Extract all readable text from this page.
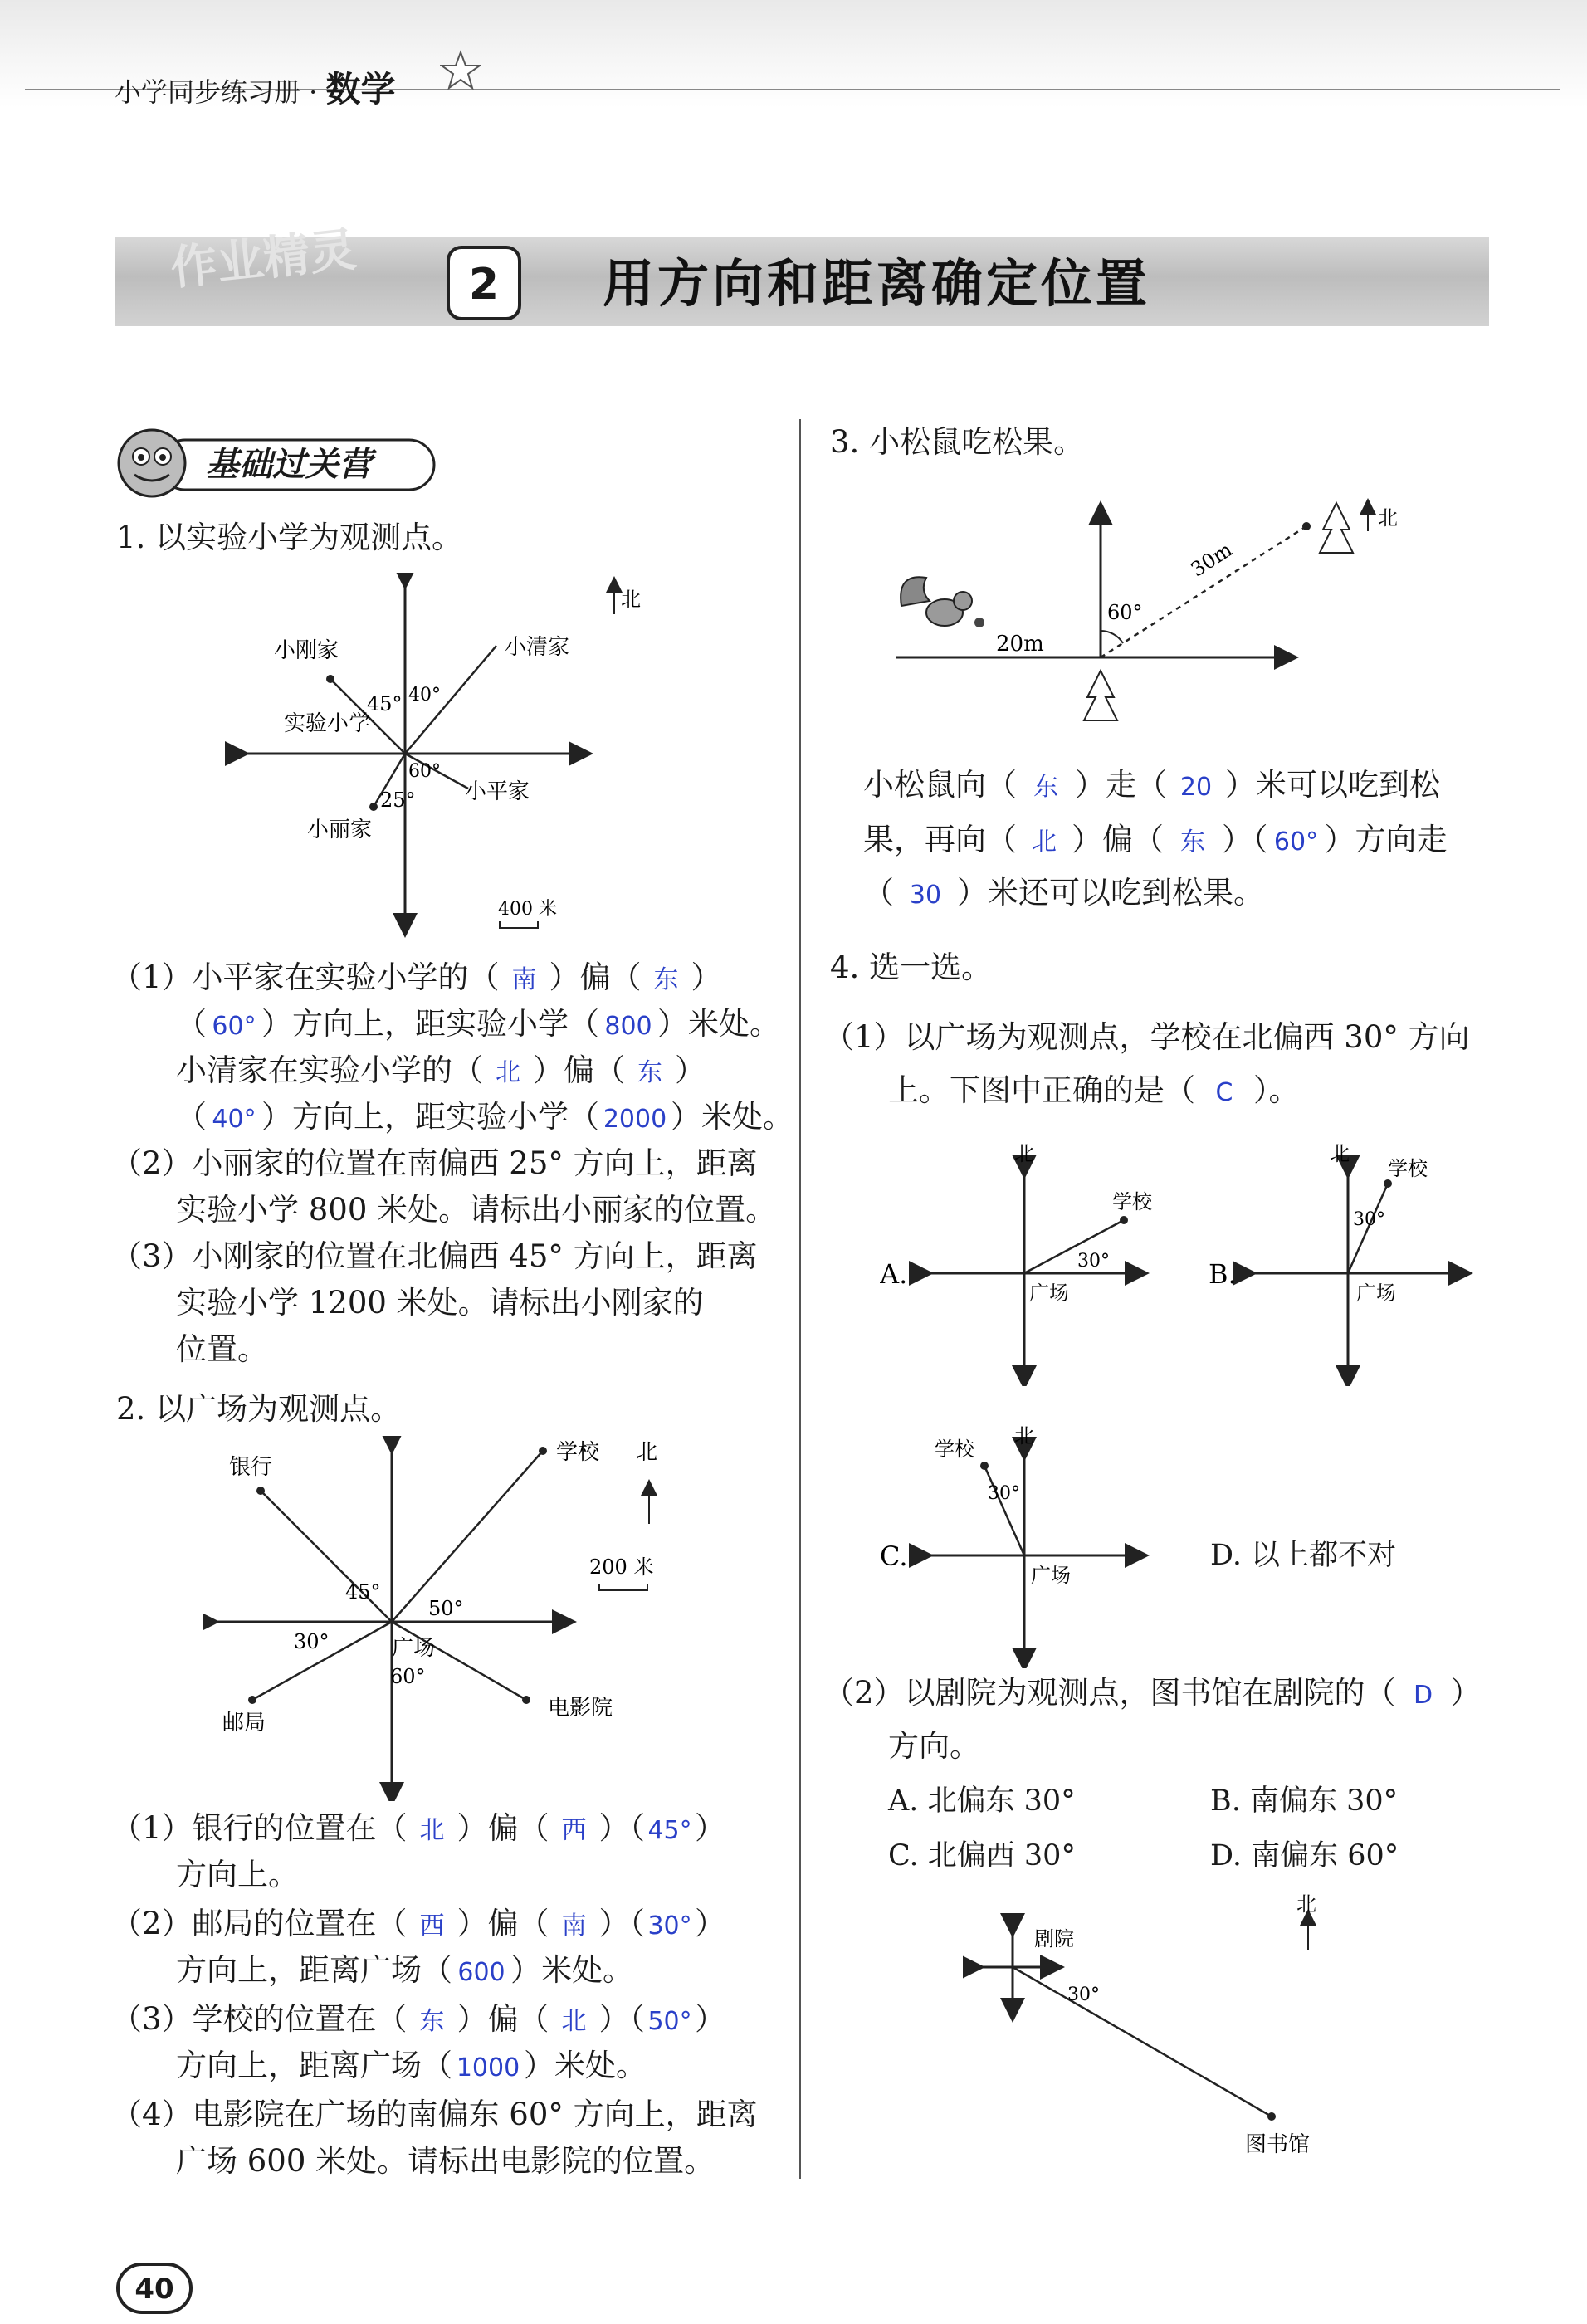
小学同步练习册 · 数学
作业精灵	2	用方向和距离确定位置
基础过关营
1. 以实验小学为观测点。
小刚家	小清家
实验小学
小平家
小丽家
45° 40°
60°
25°
北
400 米
（1）小平家在实验小学的（ 南 ）偏（ 东 ）
（ 60° ）方向上，距实验小学（ 800 ）米处。
小清家在实验小学的（ 北 ）偏（ 东 ）
（ 40° ）方向上，距实验小学（ 2000 ）米处。
（2）小丽家的位置在南偏西 25° 方向上，距离
实验小学 800 米处。请标出小丽家的位置。
（3）小刚家的位置在北偏西 45° 方向上，距离
实验小学 1200 米处。请标出小刚家的
位置。
2. 以广场为观测点。
银行
学校 北
200 米
邮局
电影院
广场
45°
50°
30°
60°
（1）银行的位置在（ 北 ）偏（ 西 ）（ 45°）
方向上。
（2）邮局的位置在（ 西 ）偏（ 南 ）（ 30°）
方向上，距离广场（ 600 ）米处。
（3）学校的位置在（ 东 ）偏（ 北 ）（ 50°）
方向上，距离广场（ 1000 ）米处。
（4）电影院在广场的南偏东 60° 方向上，距离
广场 600 米处。请标出电影院的位置。
3. 小松鼠吃松果。
60°
30m
20m
北
小松鼠向（ 东 ）走（ 20 ）米可以吃到松
果，再向（ 北 ）偏（ 东 ）（ 60° ）方向走
（ 30 ）米还可以吃到松果。
4. 选一选。
（1）以广场为观测点，学校在北偏西 30° 方向
上。下图中正确的是（ C ）。
A.
北
学校
30°
广场
B.
北
学校
30°
广场
C.
北
学校
30°
广场
D. 以上都不对
（2）以剧院为观测点，图书馆在剧院的（ D ）
方向。
A. 北偏东 30°	B. 南偏东 30°
C. 北偏西 30°	D. 南偏东 60°
剧院
30°
图书馆
北
40
